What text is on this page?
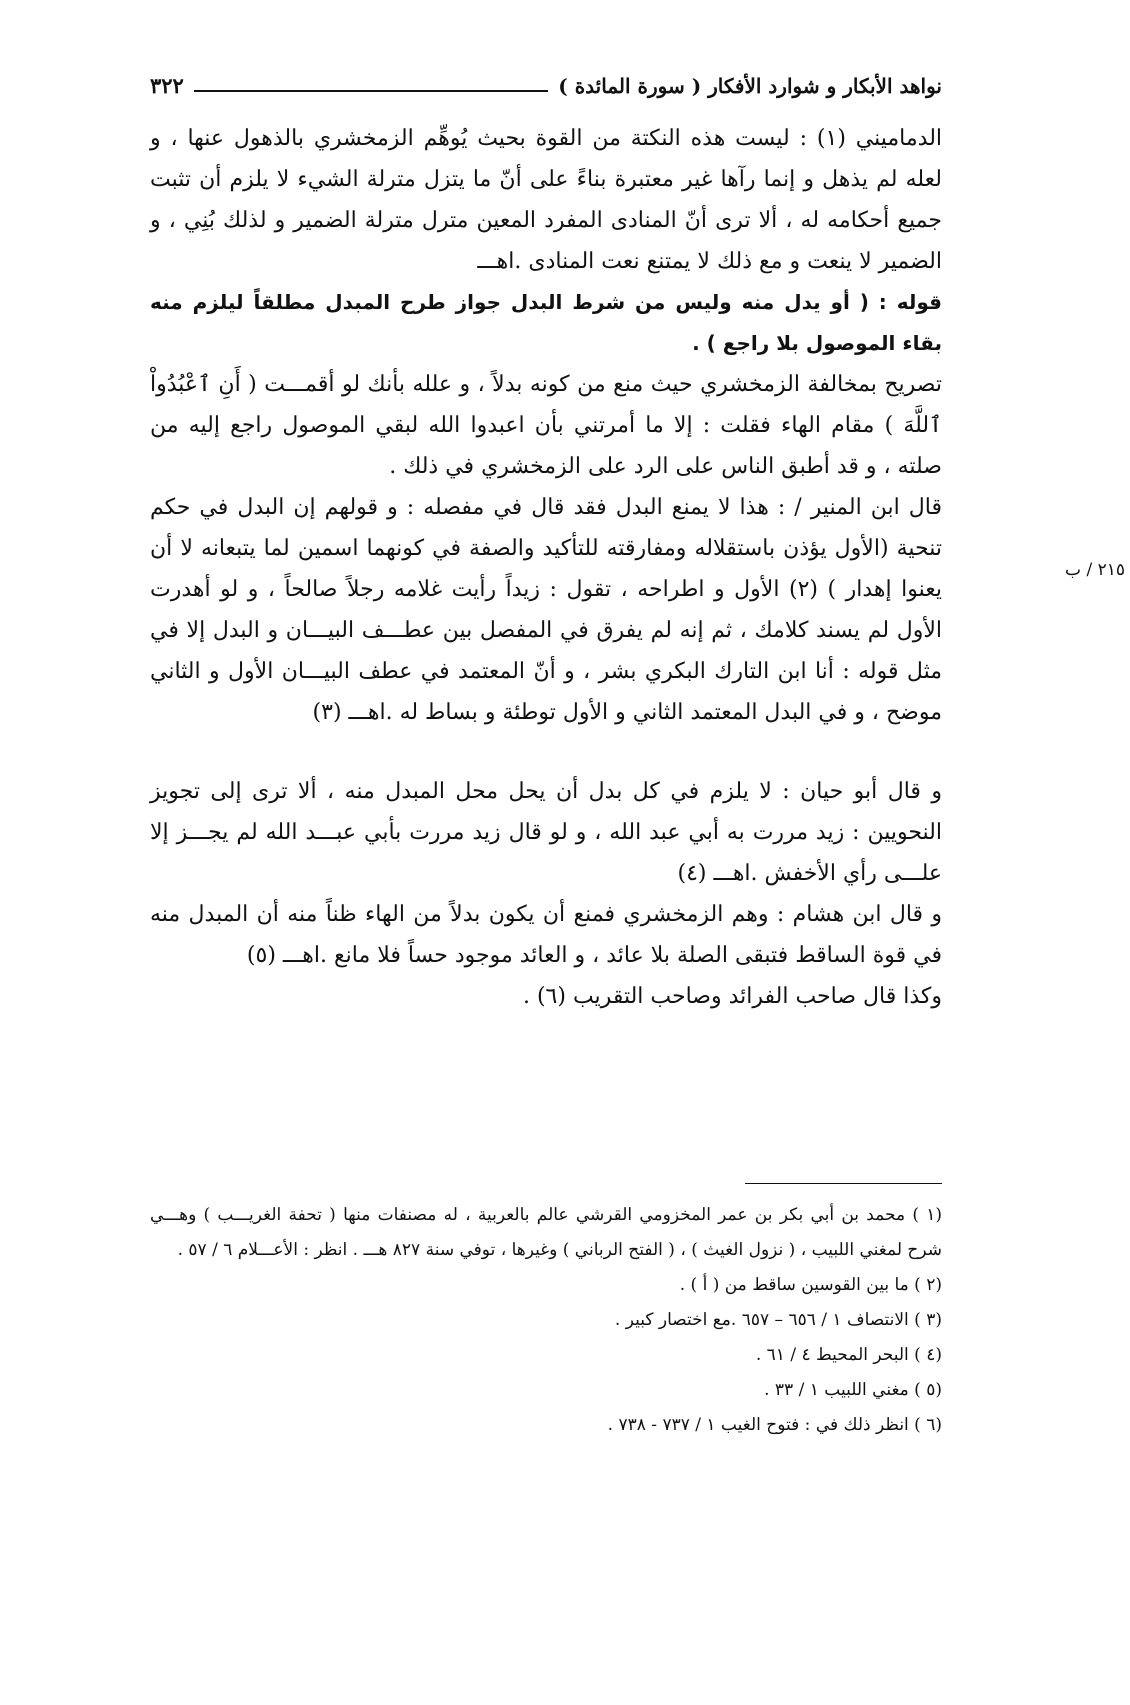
نواهد الأبكار و شوارد الأفكار ( سورة المائدة )
٣٢٢
٢١٥ / ب

الدماميني (١) : ليست هذه النكتة من القوة بحيث يُوهِّم الزمخشري بالذهول عنها ، و لعله لم يذهل و إنما رآها غير معتبرة بناءً على أنّ ما يتزل مترلة الشيء لا يلزم أن تثبت جميع أحكامه له ، ألا ترى أنّ المنادى المفرد المعين مترل مترلة الضمير و لذلك بُنِي ، و الضمير لا ينعت و مع ذلك لا يمتنع نعت المنادى .اهـــ

قوله : ( أو يدل منه وليس من شرط البدل جواز طرح المبدل مطلقاً ليلزم منه بقاء الموصول بلا راجع ) .

تصريح بمخالفة الزمخشري حيث منع من كونه بدلاً ، و علله بأنك لو أقمـــت ( أَنِ ٱعْبُدُواْ ٱللَّهَ ) مقام الهاء فقلت : إلا ما أمرتني بأن اعبدوا الله لبقي الموصول راجع إليه من صلته ، و قد أطبق الناس على الرد على الزمخشري في ذلك .

قال ابن المنير / : هذا لا يمنع البدل فقد قال في مفصله : و قولهم إن البدل في حكم تنحية (الأول يؤذن باستقلاله ومفارقته للتأكيد والصفة في كونهما اسمين لما يتبعانه لا أن يعنوا إهدار ) (٢) الأول و اطراحه ، تقول : زيداً رأيت غلامه رجلاً صالحاً ، و لو أهدرت الأول لم يسند كلامك ، ثم إنه لم يفرق في المفصل بين عطـــف البيـــان و البدل إلا في مثل قوله : أنا ابن التارك البكري بشر ، و أنّ المعتمد في عطف البيـــان الأول و الثاني موضح ، و في البدل المعتمد الثاني و الأول توطئة و بساط له .اهـــ (٣)

و قال أبو حيان : لا يلزم في كل بدل أن يحل محل المبدل منه ، ألا ترى إلى تجويز النحويين : زيد مررت به أبي عبد الله ، و لو قال زيد مررت بأبي عبـــد الله لم يجـــز إلا علـــى رأي الأخفش .اهـــ (٤)

و قال ابن هشام : وهم الزمخشري فمنع أن يكون بدلاً من الهاء ظناً منه أن المبدل منه في قوة الساقط فتبقى الصلة بلا عائد ، و العائد موجود حساً فلا مانع .اهـــ (٥)

وكذا قال صاحب الفرائد وصاحب التقريب (٦) .

(١ ) محمد بن أبي بكر بن عمر المخزومي القرشي عالم بالعربية ، له مصنفات منها ( تحفة الغريـــب ) وهـــي شرح لمغني اللبيب ، ( نزول الغيث ) ، ( الفتح الرباني ) وغيرها ، توفي سنة ٨٢٧ هـــ . انظر : الأعـــلام ٦ / ٥٧ .

(٢ ) ما بين القوسين ساقط من ( أ ) .

(٣ ) الانتصاف ١ / ٦٥٦ – ٦٥٧ .مع اختصار كبير .

(٤ ) البحر المحيط ٤ / ٦١ .

(٥ ) مغني اللبيب ١ / ٣٣ .

(٦ ) انظر ذلك في : فتوح الغيب ١ / ٧٣٧ - ٧٣٨ .
